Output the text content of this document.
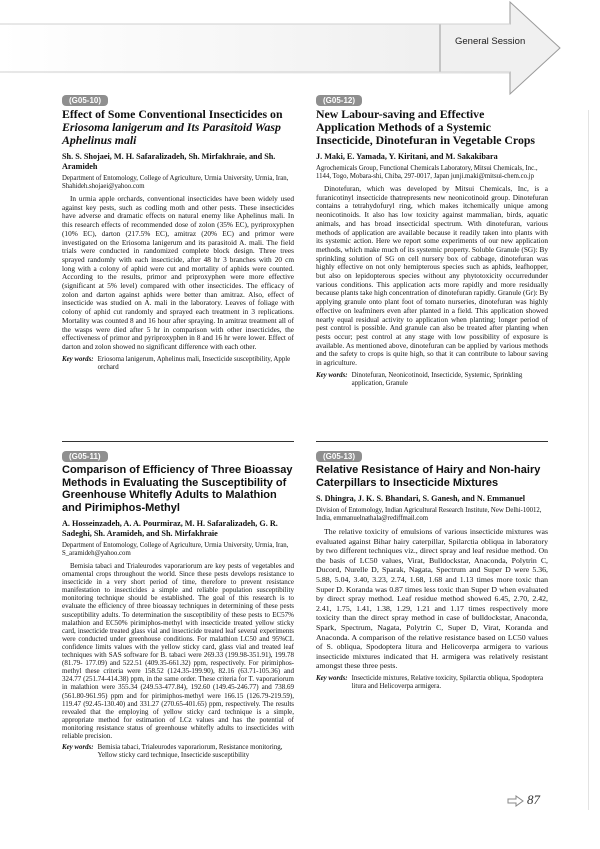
General Session
(G05-10)
Effect of Some Conventional Insecticides on
Eriosoma lanigerum and Its Parasitoid Wasp
Aphelinus mali
Sh. S. Shojaei, M. H. Safaralizadeh, Sh. Mirfakhraie, and Sh. Aramideh
Department of Entomology, College of Agriculture, Urmia University, Urmia, Iran, Shahideh.shojaei@yahoo.com

In urmia apple orchards, conventional insecticides have been widely used against key pests, such as codling moth and other pests. These insecticides have adverse and dramatic effects on natural enemy like Aphelinus mali. In this research effects of recommended dose of zolon (35% EC), pyriproxyphen (10% EC), darton (217.5% EC), amitraz (20% EC) and primor were investigated on the Eriosoma lanigerum and its parasitoid A. mali. The field trials were conducted in randomized complete block design. Three trees sprayed randomly with each insecticide, after 48 hr 3 branches with 20 cm long with a colony of aphid were cut and mortality of aphids were counted. According to the results, primor and priproxyphen were more effective (significant at 5% level) compared with other insecticides. The efficacy of zolon and darton against aphids were better than amitraz. Also, effect of insecticide was studied on A. mali in the laboratory. Leaves of foliage with colony of aphid cut randomly and sprayed each treatment in 3 replications. Mortality was counted 8 and 16 hour after spraying. In amitraz treatment all of the wasps were died after 5 hr in comparison with other insecticides, the effectiveness of primor and pyriproxyphen in 8 and 16 hr were lower. Effect of darton and zolon showed no significant difference with each other.

Key words: Eriosoma lanigerum, Aphelinus mali, Insecticide susceptibility, Apple orchard
(G05-11)
Comparison of Efficiency of Three Bioassay
Methods in Evaluating the Susceptibility of
Greenhouse Whitefly Adults to Malathion
and Pirimiphos-Methyl
A. Hosseinzadeh, A. A. Pourmiraz, M. H. Safaralizadeh, G. R. Sadeghi, Sh. Aramideh, and Sh. Mirfakhraie
Department of Entomology, College of Agriculture, Urmia University, Urmia, Iran, S_aramideh@yahoo.com

Bemisia tabaci and Trialeurodes vaporariorum are key pests of vegetables and ornamental crops throughout the world. Since these pests develops resistance to insecticide in a very short period of time, therefore to prevent resistance manifestation to insecticides a simple and reliable population susceptibility monitoring technique should be established. The goal of this research is to evaluate the efficiency of three bioassay techniques in determining of these pests susceptibility adults. To determination the susceptibility of these pests to EC57% malathion and EC50% pirimiphos-methyl with insecticide treated yellow sticky card, insecticide treated glass vial and insecticide treated leaf several experiments were conducted under greenhouse conditions. For malathion LC50 and 95%CL confidence limits values with the yellow sticky card, glass vial and treated leaf techniques with SAS software for B. tabaci were 269.33 (199.98-351.91), 199.78 (81.79- 177.09) and 522.51 (409.35-661.32) ppm, respectively. For pirimiphos-methyl these criteria were 158.52 (124.35-199.90), 82.16 (63.71-105.36) and 324.77 (251.74-414.38) ppm, in the same order. These criteria for T. vaporariorum in malathion were 355.34 (249.53-477.84), 192.60 (149.45-246.77) and 738.69 (561.80-961.95) ppm and for pirimiphos-methyl were 166.15 (126.79-219.59), 119.47 (92.45-130.40) and 331.27 (270.65-401.65) ppm, respectively. The results revealed that the employing of yellow sticky card technique is a simple, appropriate method for estimation of LCz values and has the potential of monitoring resistance status of greenhouse whitefly adults to insecticides with reliable precision.

Key words: Bemisia tabaci, Trialeurodes vaporariorum, Resistance monitoring, Yellow sticky card technique, Insecticide susceptibility
(G05-12)
New Labour-saving and Effective
Application Methods of a Systemic
Insecticide, Dinotefuran in Vegetable Crops
J. Maki, E. Yamada, Y. Kiritani, and M. Sakakibara
Agrochemicals Group, Functional Chemicals Laboratory, Mitsui Chemicals, Inc., 1144, Togo, Mobara-shi, Chiba, 297-0017, Japan junji.maki@mitsui-chem.co.jp

Dinotefuran, which was developed by Mitsui Chemicals, Inc, is a furanicotinyl insecticide thatrepresents new neonicotinoid group. Dinotefuran contains a tetrahydofuryl ring, which makes itchemically unique among neonicotinoids. It also has low toxicity against mammalian, birds, aquatic animals, and has broad insecticidal spectrum. With dinotefuran, various methods of application are available because it readily taken into plants with its systemic action. Here we report some experiments of our new application methods, which make much of its systemic property. Soluble Granule (SG): By sprinkling solution of SG on cell nursery box of cabbage, dinotefuran was highly effective on not only hemipterous species such as aphids, leafhopper, but also on lepidopterous species without any phytotoxicity occurredunder various conditions. This application acts more rapidly and more residually because plants take high concentration of dinotefuran rapidly. Granule (Gr): By applying granule onto plant foot of tomato nurseries, dinotefuran was highly effective on leafminers even after planted in a field. This application showed nearly equal residual activity to application when planting; longer period of pest control is possible. And granule can also be treated after planting when pests occur; pest control at any stage with low possibility of exposure is available. As mentioned above, dinotefuran can be applied by various methods and the safety to crops is quite high, so that it can contribute to labour saving in agriculture.

Key words: Dinotefuran, Neonicotinoid, Insecticide, Systemic, Sprinkling application, Granule
(G05-13)
Relative Resistance of Hairy and Non-hairy
Caterpillars to Insecticide Mixtures
S. Dhingra, J. K. S. Bhandari, S. Ganesh, and N. Emmanuel
Division of Entomology, Indian Agricultural Research Institute, New Delhi-10012, India, emmanuelnathala@rediffmail.com

The relative toxicity of emulsions of various insecticide mixtures was evaluated against Bihar hairy caterpillar, Spilarctia obliqua in laboratory by two different techniques viz., direct spray and leaf residue method. On the basis of LC50 values, Virat, Bulldockstar, Anaconda, Polytrin C, Ducord, Nurelle D, Sparak, Nagata, Spectrum and Super D were 5.36, 5.88, 5.04, 3.40, 3.23, 2.74, 1.68, 1.68 and 1.13 times more toxic than Super D. Koranda was 0.87 times less toxic than Super D when evaluated by direct spray method. Leaf residue method showed 6.45, 2.70, 2.42, 2.41, 1.75, 1.41, 1.38, 1.29, 1.21 and 1.17 times respectively more toxicity than the direct spray method in case of bulldockstar, Anaconda, Spark, Spectrum, Nagata, Polytrin C, Super D, Virat, Koranda and Anaconda. A comparison of the relative resistance based on LC50 values of S. obliqua, Spodoptera litura and Helicoverpa armigera to various insecticide mixtures indicated that H. armigera was relatively resistant amongst these three pests.

Key words: Insecticide mixtures, Relative toxicity, Spilarctia obliqua, Spodoptera litura and Helicoverpa armigera.
87
